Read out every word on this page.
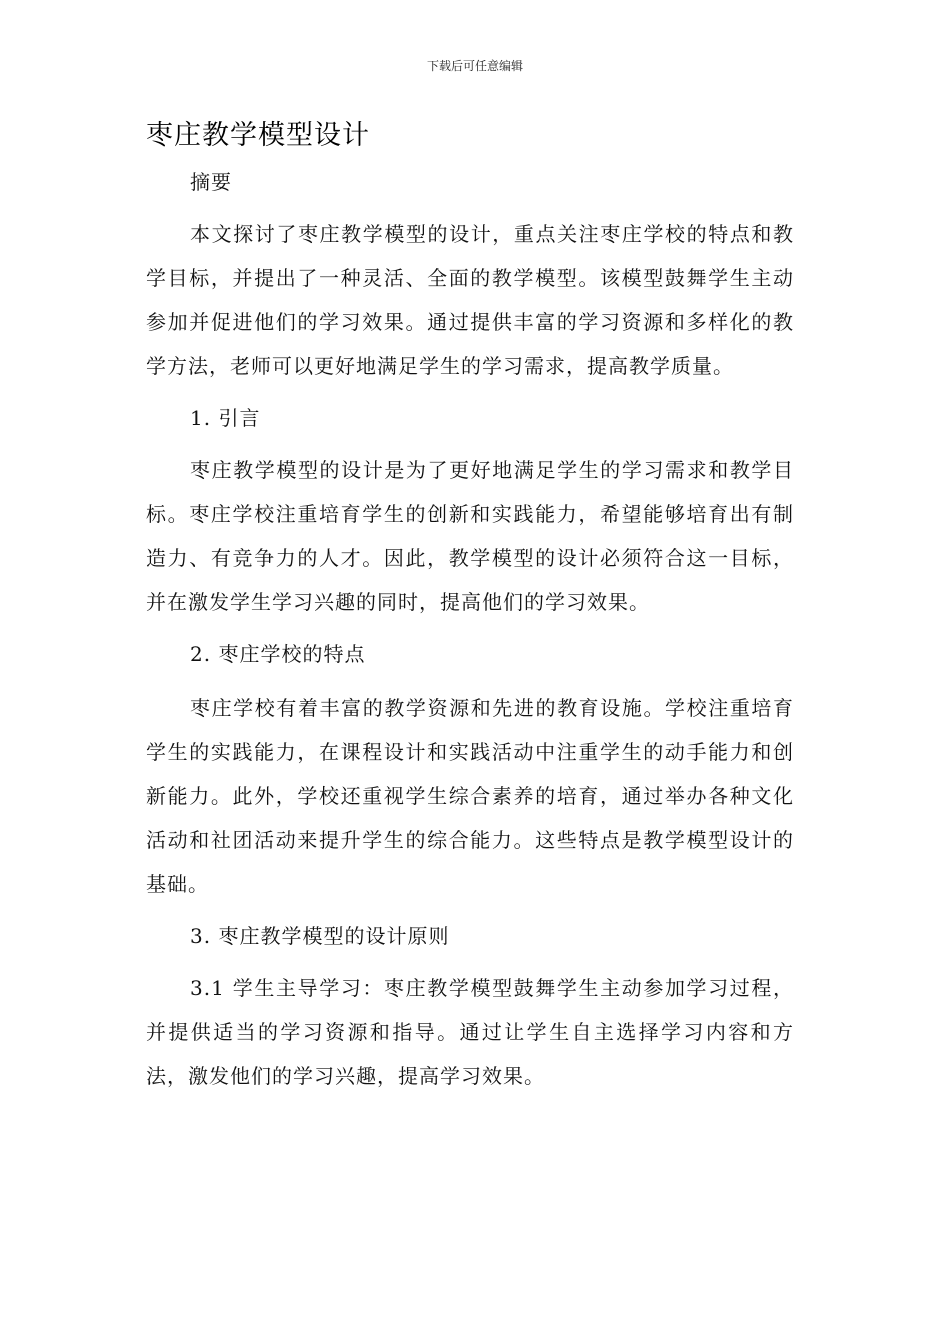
下载后可任意编辑
枣庄教学模型设计

摘要

本文探讨了枣庄教学模型的设计，重点关注枣庄学校的特点和教学目标，并提出了一种灵活、全面的教学模型。该模型鼓舞学生主动参加并促进他们的学习效果。通过提供丰富的学习资源和多样化的教学方法，老师可以更好地满足学生的学习需求，提高教学质量。

1. 引言

枣庄教学模型的设计是为了更好地满足学生的学习需求和教学目标。枣庄学校注重培育学生的创新和实践能力，希望能够培育出有制造力、有竞争力的人才。因此，教学模型的设计必须符合这一目标，并在激发学生学习兴趣的同时，提高他们的学习效果。

2. 枣庄学校的特点

枣庄学校有着丰富的教学资源和先进的教育设施。学校注重培育学生的实践能力，在课程设计和实践活动中注重学生的动手能力和创新能力。此外，学校还重视学生综合素养的培育，通过举办各种文化活动和社团活动来提升学生的综合能力。这些特点是教学模型设计的基础。

3. 枣庄教学模型的设计原则

3.1 学生主导学习：枣庄教学模型鼓舞学生主动参加学习过程，并提供适当的学习资源和指导。通过让学生自主选择学习内容和方法，激发他们的学习兴趣，提高学习效果。
